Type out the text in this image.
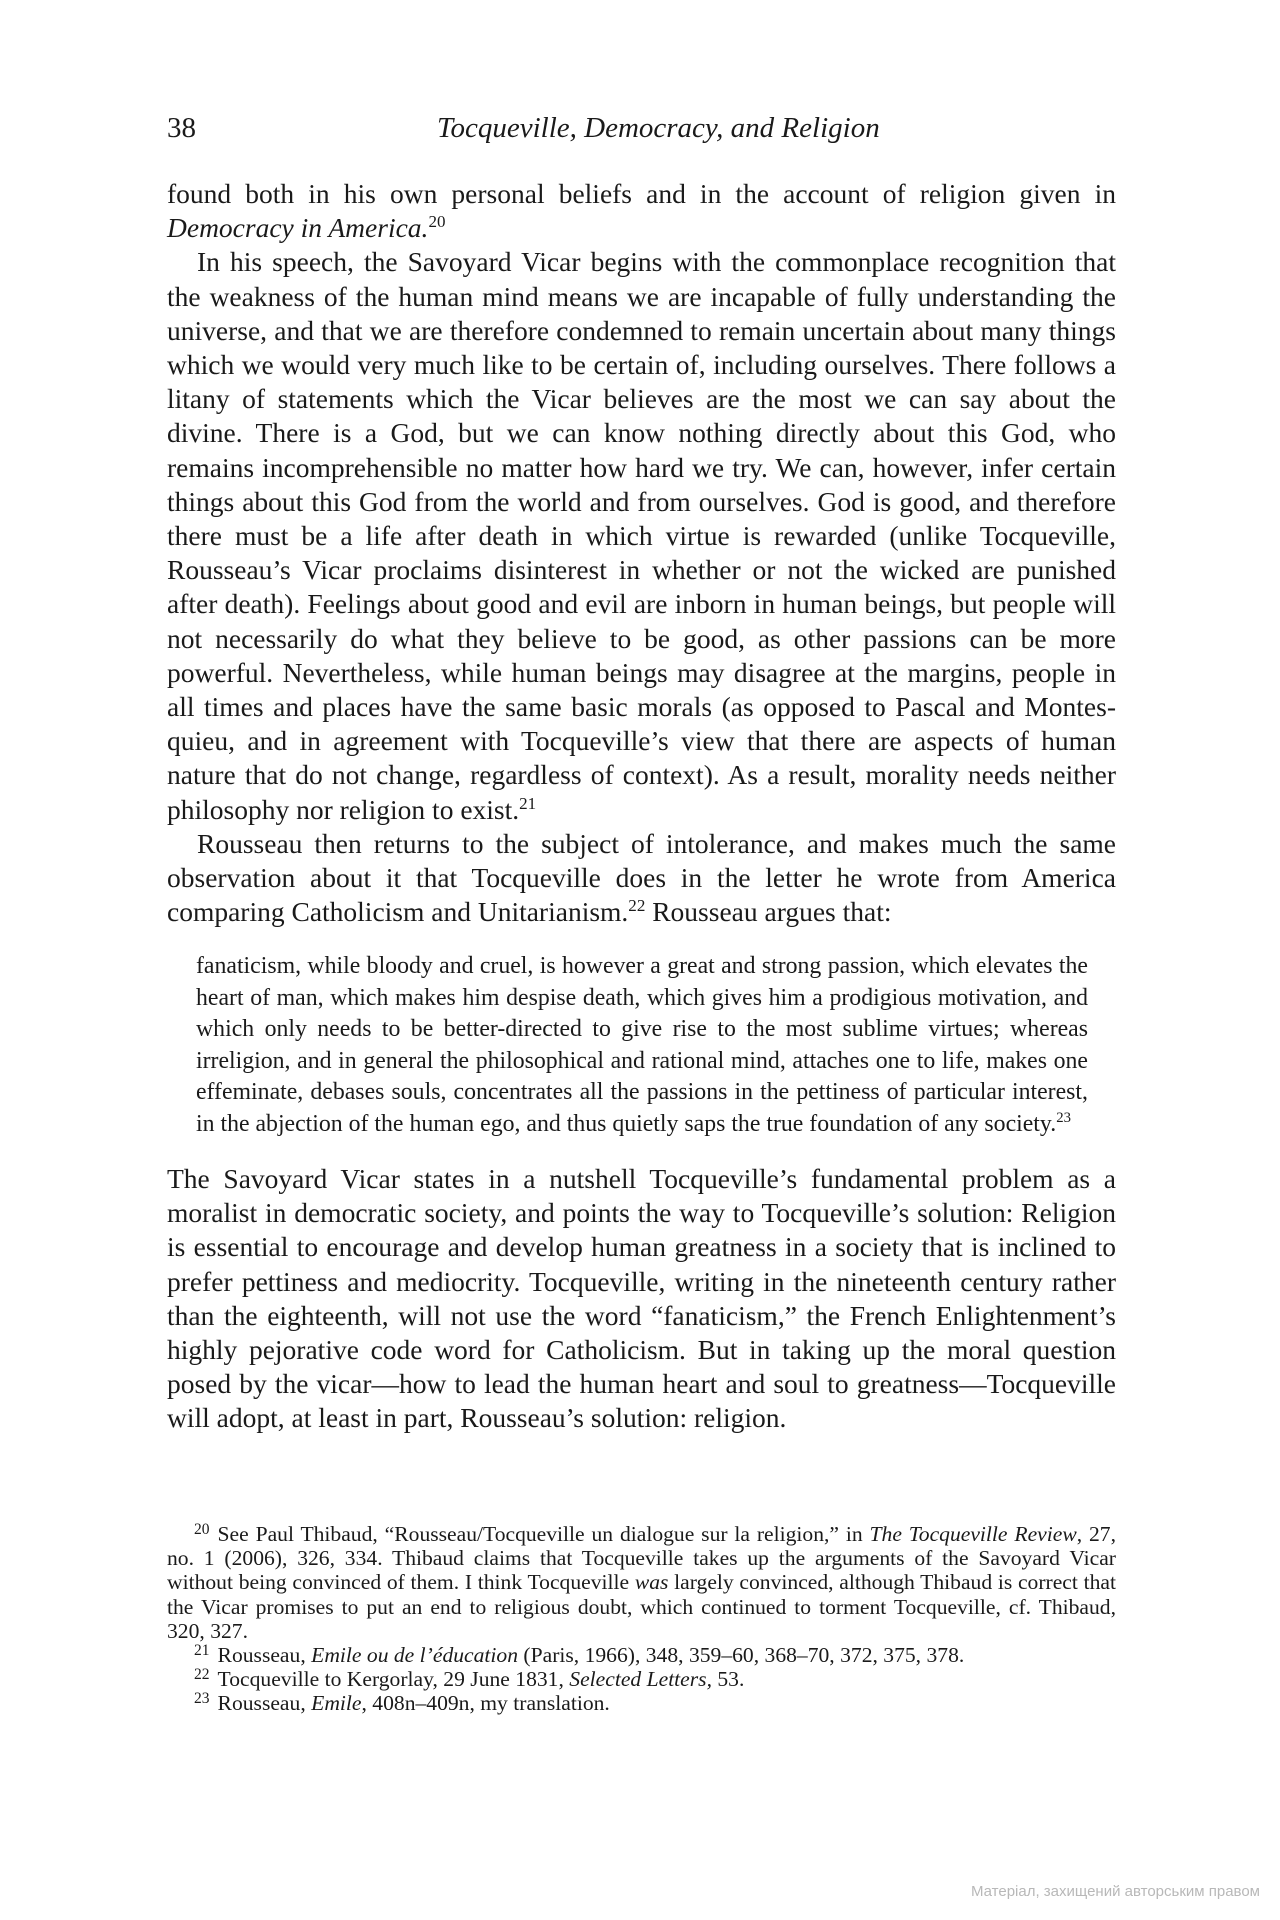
38	Tocqueville, Democracy, and Religion

found both in his own personal beliefs and in the account of religion given in Democracy in America.$^{20}$

In his speech, the Savoyard Vicar begins with the commonplace recognition that the weakness of the human mind means we are incapable of fully understanding the universe, and that we are therefore condemned to remain uncertain about many things which we would very much like to be certain of, including ourselves. There follows a litany of statements which the Vicar believes are the most we can say about the divine. There is a God, but we can know nothing directly about this God, who remains incomprehensible no matter how hard we try. We can, however, infer certain things about this God from the world and from ourselves. God is good, and therefore there must be a life after death in which virtue is rewarded (unlike Tocqueville, Rousseau’s Vicar proclaims disinterest in whether or not the wicked are punished after death). Feelings about good and evil are inborn in human beings, but people will not necessarily do what they believe to be good, as other passions can be more powerful. Nevertheless, while human beings may disagree at the margins, people in all times and places have the same basic morals (as opposed to Pascal and Montesquieu, and in agreement with Tocqueville’s view that there are aspects of human nature that do not change, regardless of context). As a result, morality needs neither philosophy nor religion to exist.$^{21}$

Rousseau then returns to the subject of intolerance, and makes much the same observation about it that Tocqueville does in the letter he wrote from America comparing Catholicism and Unitarianism.$^{22}$ Rousseau argues that:

fanaticism, while bloody and cruel, is however a great and strong passion, which elevates the heart of man, which makes him despise death, which gives him a prodigious motivation, and which only needs to be better-directed to give rise to the most sublime virtues; whereas irreligion, and in general the philosophical and rational mind, attaches one to life, makes one effeminate, debases souls, concentrates all the passions in the pettiness of particular interest, in the abjection of the human ego, and thus quietly saps the true foundation of any society.$^{23}$

The Savoyard Vicar states in a nutshell Tocqueville’s fundamental problem as a moralist in democratic society, and points the way to Tocqueville’s solution: Religion is essential to encourage and develop human greatness in a society that is inclined to prefer pettiness and mediocrity. Tocqueville, writing in the nineteenth century rather than the eighteenth, will not use the word “fanaticism,” the French Enlightenment’s highly pejorative code word for Catholicism. But in taking up the moral question posed by the vicar—how to lead the human heart and soul to greatness—Tocqueville will adopt, at least in part, Rousseau’s solution: religion.

20 See Paul Thibaud, “Rousseau/Tocqueville un dialogue sur la religion,” in The Tocqueville Review, 27, no. 1 (2006), 326, 334. Thibaud claims that Tocqueville takes up the arguments of the Savoyard Vicar without being convinced of them. I think Tocqueville was largely convinced, although Thibaud is correct that the Vicar promises to put an end to religious doubt, which continued to torment Tocqueville, cf. Thibaud, 320, 327.

21 Rousseau, Emile ou de l’éducation (Paris, 1966), 348, 359–60, 368–70, 372, 375, 378.

22 Tocqueville to Kergorlay, 29 June 1831, Selected Letters, 53.

23 Rousseau, Emile, 408n–409n, my translation.

Матеріал, захищений авторським правом
